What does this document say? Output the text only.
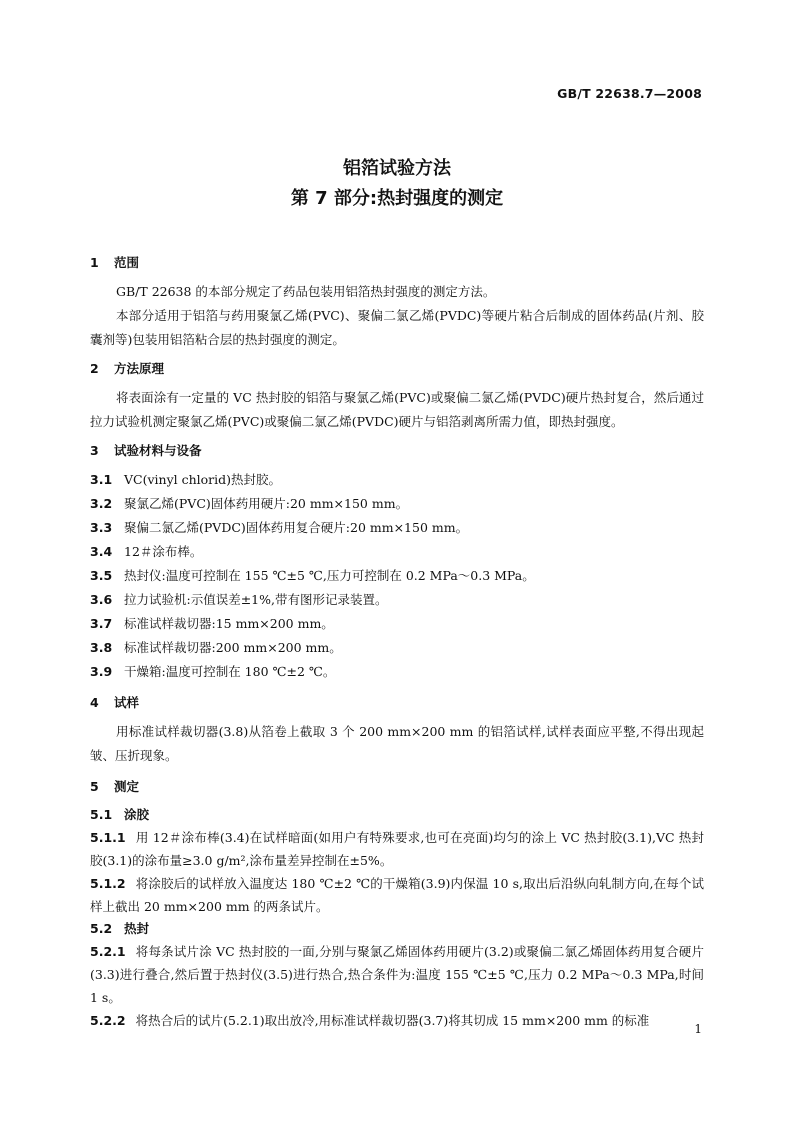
GB/T 22638.7—2008
铝箔试验方法
第 7 部分:热封强度的测定
1	范围

GB/T 22638 的本部分规定了药品包装用铝箔热封强度的测定方法。

本部分适用于铝箔与药用聚氯乙烯(PVC)、聚偏二氯乙烯(PVDC)等硬片粘合后制成的固体药品(片剂、胶囊剂等)包装用铝箔粘合层的热封强度的测定。

2	方法原理

将表面涂有一定量的 VC 热封胶的铝箔与聚氯乙烯(PVC)或聚偏二氯乙烯(PVDC)硬片热封复合，然后通过拉力试验机测定聚氯乙烯(PVC)或聚偏二氯乙烯(PVDC)硬片与铝箔剥离所需力值，即热封强度。

3	试验材料与设备
3.1 VC(vinyl chlorid)热封胶。
3.2 聚氯乙烯(PVC)固体药用硬片:20 mm×150 mm。
3.3 聚偏二氯乙烯(PVDC)固体药用复合硬片:20 mm×150 mm。
3.4 12＃涂布棒。
3.5 热封仪:温度可控制在 155 ℃±5 ℃,压力可控制在 0.2 MPa～0.3 MPa。
3.6 拉力试验机:示值误差±1%,带有图形记录装置。
3.7 标准试样裁切器:15 mm×200 mm。
3.8 标准试样裁切器:200 mm×200 mm。
3.9 干燥箱:温度可控制在 180 ℃±2 ℃。
4	试样

用标准试样裁切器(3.8)从箔卷上截取 3 个 200 mm×200 mm 的铝箔试样,试样表面应平整,不得出现起皱、压折现象。

5	测定
5.1 涂胶

5.1.1 用 12＃涂布棒(3.4)在试样暗面(如用户有特殊要求,也可在亮面)均匀的涂上 VC 热封胶(3.1),VC 热封胶(3.1)的涂布量≥3.0 g/m²,涂布量差异控制在±5%。

5.1.2 将涂胶后的试样放入温度达 180 ℃±2 ℃的干燥箱(3.9)内保温 10 s,取出后沿纵向轧制方向,在每个试样上截出 20 mm×200 mm 的两条试片。

5.2 热封

5.2.1 将每条试片涂 VC 热封胶的一面,分别与聚氯乙烯固体药用硬片(3.2)或聚偏二氯乙烯固体药用复合硬片(3.3)进行叠合,然后置于热封仪(3.5)进行热合,热合条件为:温度 155 ℃±5 ℃,压力 0.2 MPa～0.3 MPa,时间 1 s。

5.2.2 将热合后的试片(5.2.1)取出放冷,用标准试样裁切器(3.7)将其切成 15 mm×200 mm 的标准

1
